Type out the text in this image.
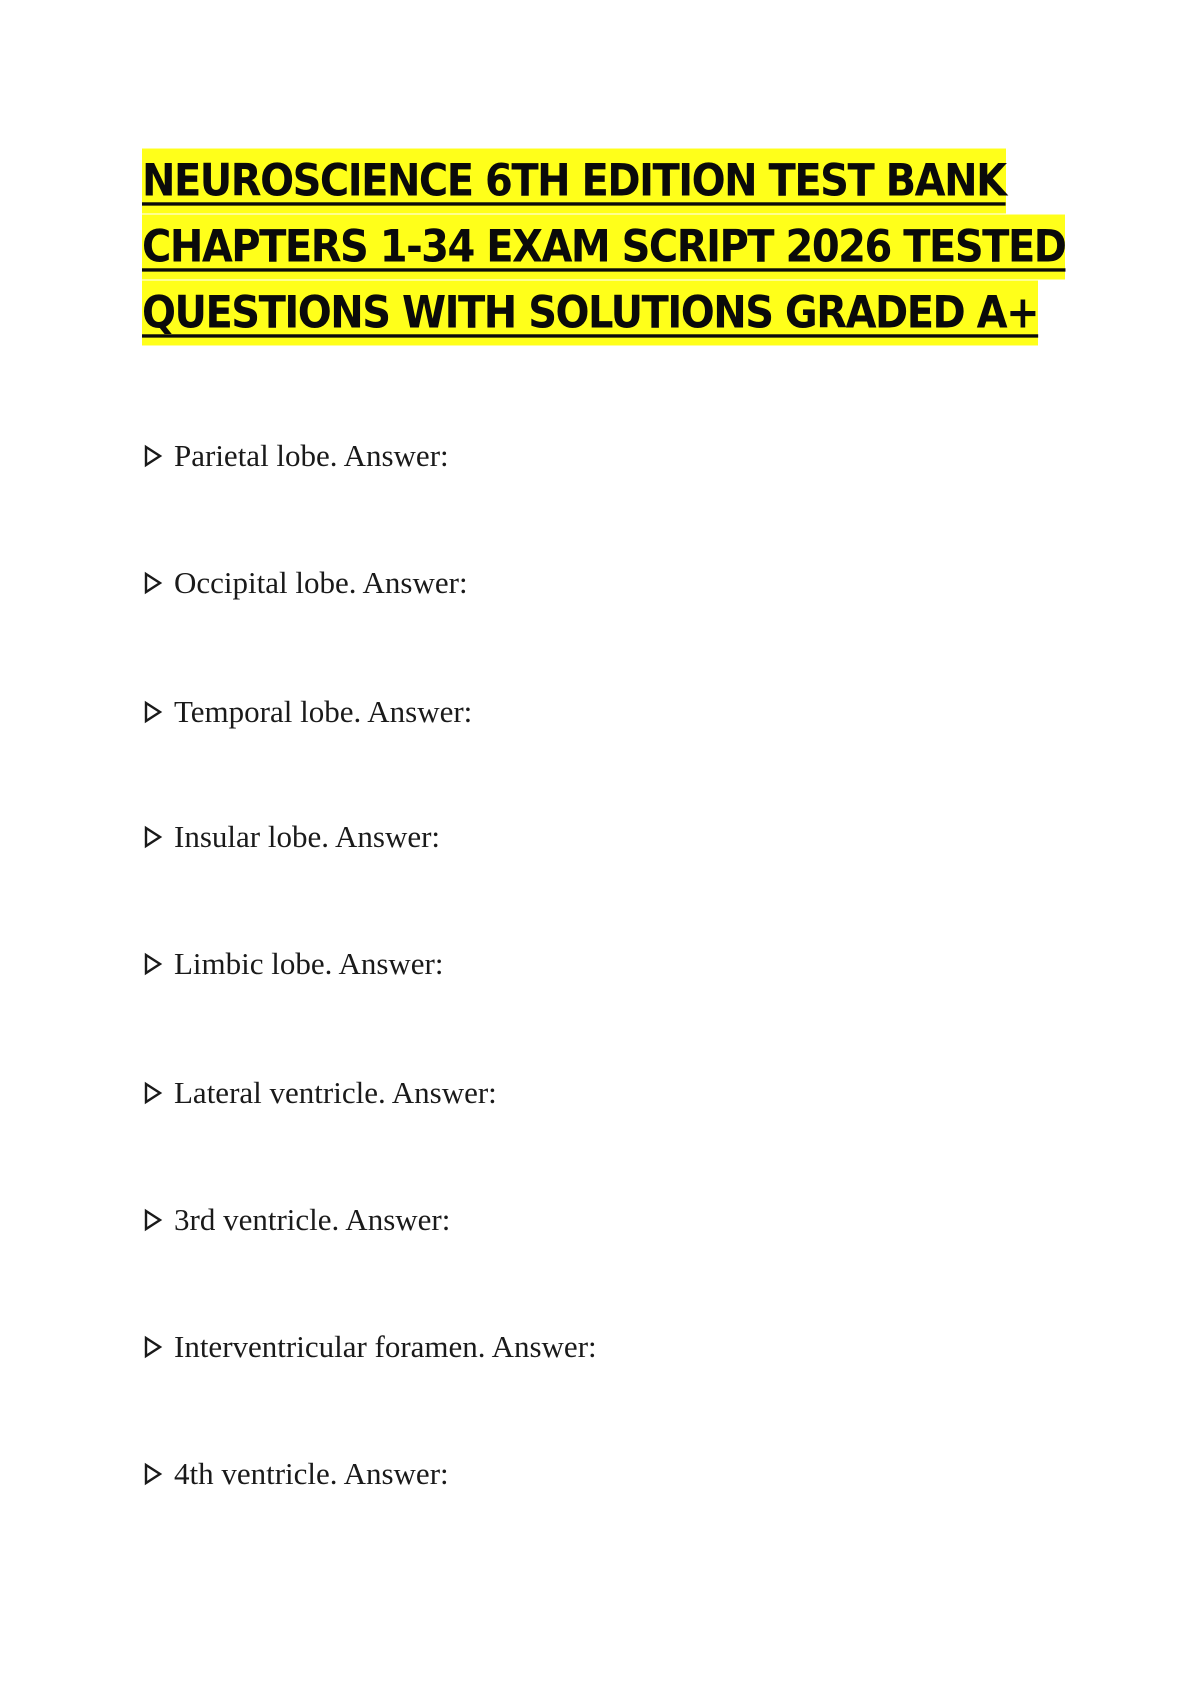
NEUROSCIENCE 6TH EDITION TEST BANK
CHAPTERS 1-34 EXAM SCRIPT 2026 TESTED
QUESTIONS WITH SOLUTIONS GRADED A+
Parietal lobe. Answer:
Occipital lobe. Answer:
Temporal lobe. Answer:
Insular lobe. Answer:
Limbic lobe. Answer:
Lateral ventricle. Answer:
3rd ventricle. Answer:
Interventricular foramen. Answer:
4th ventricle. Answer:
